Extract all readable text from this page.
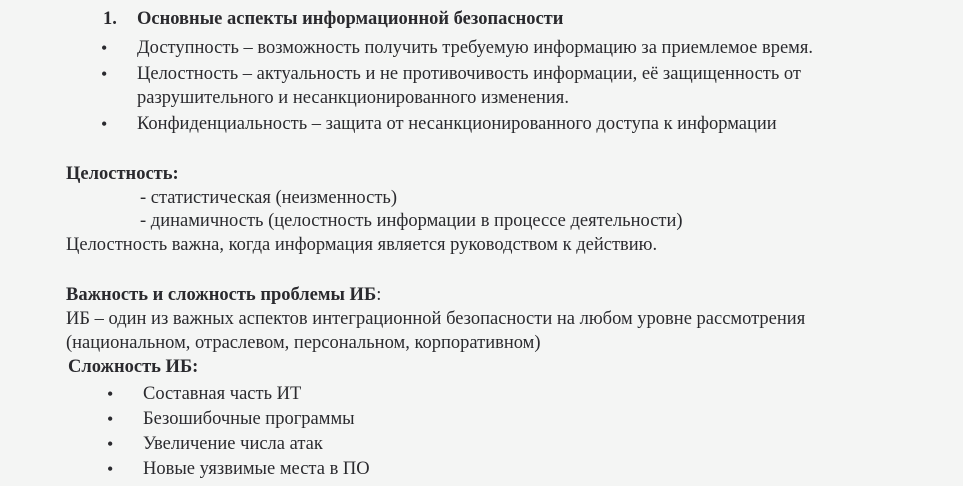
1. Основные аспекты информационной безопасности
• Доступность – возможность получить требуемую информацию за приемлемое время.
• Целостность – актуальность и не противочивость информации, её защищенность от
разрушительного и несанкционированного изменения.
• Конфиденциальность – защита от несанкционированного доступа к информации
Целостность:
- статистическая (неизменность)
- динамичность (целостность информации в процессе деятельности)
Целостность важна, когда информация является руководством к действию.
Важность и сложность проблемы ИБ:
ИБ – один из важных аспектов интеграционной безопасности на любом уровне рассмотрения
(национальном, отраслевом, персональном, корпоративном)
Сложность ИБ:
• Составная часть ИТ
• Безошибочные программы
• Увеличение числа атак
• Новые уязвимые места в ПО
